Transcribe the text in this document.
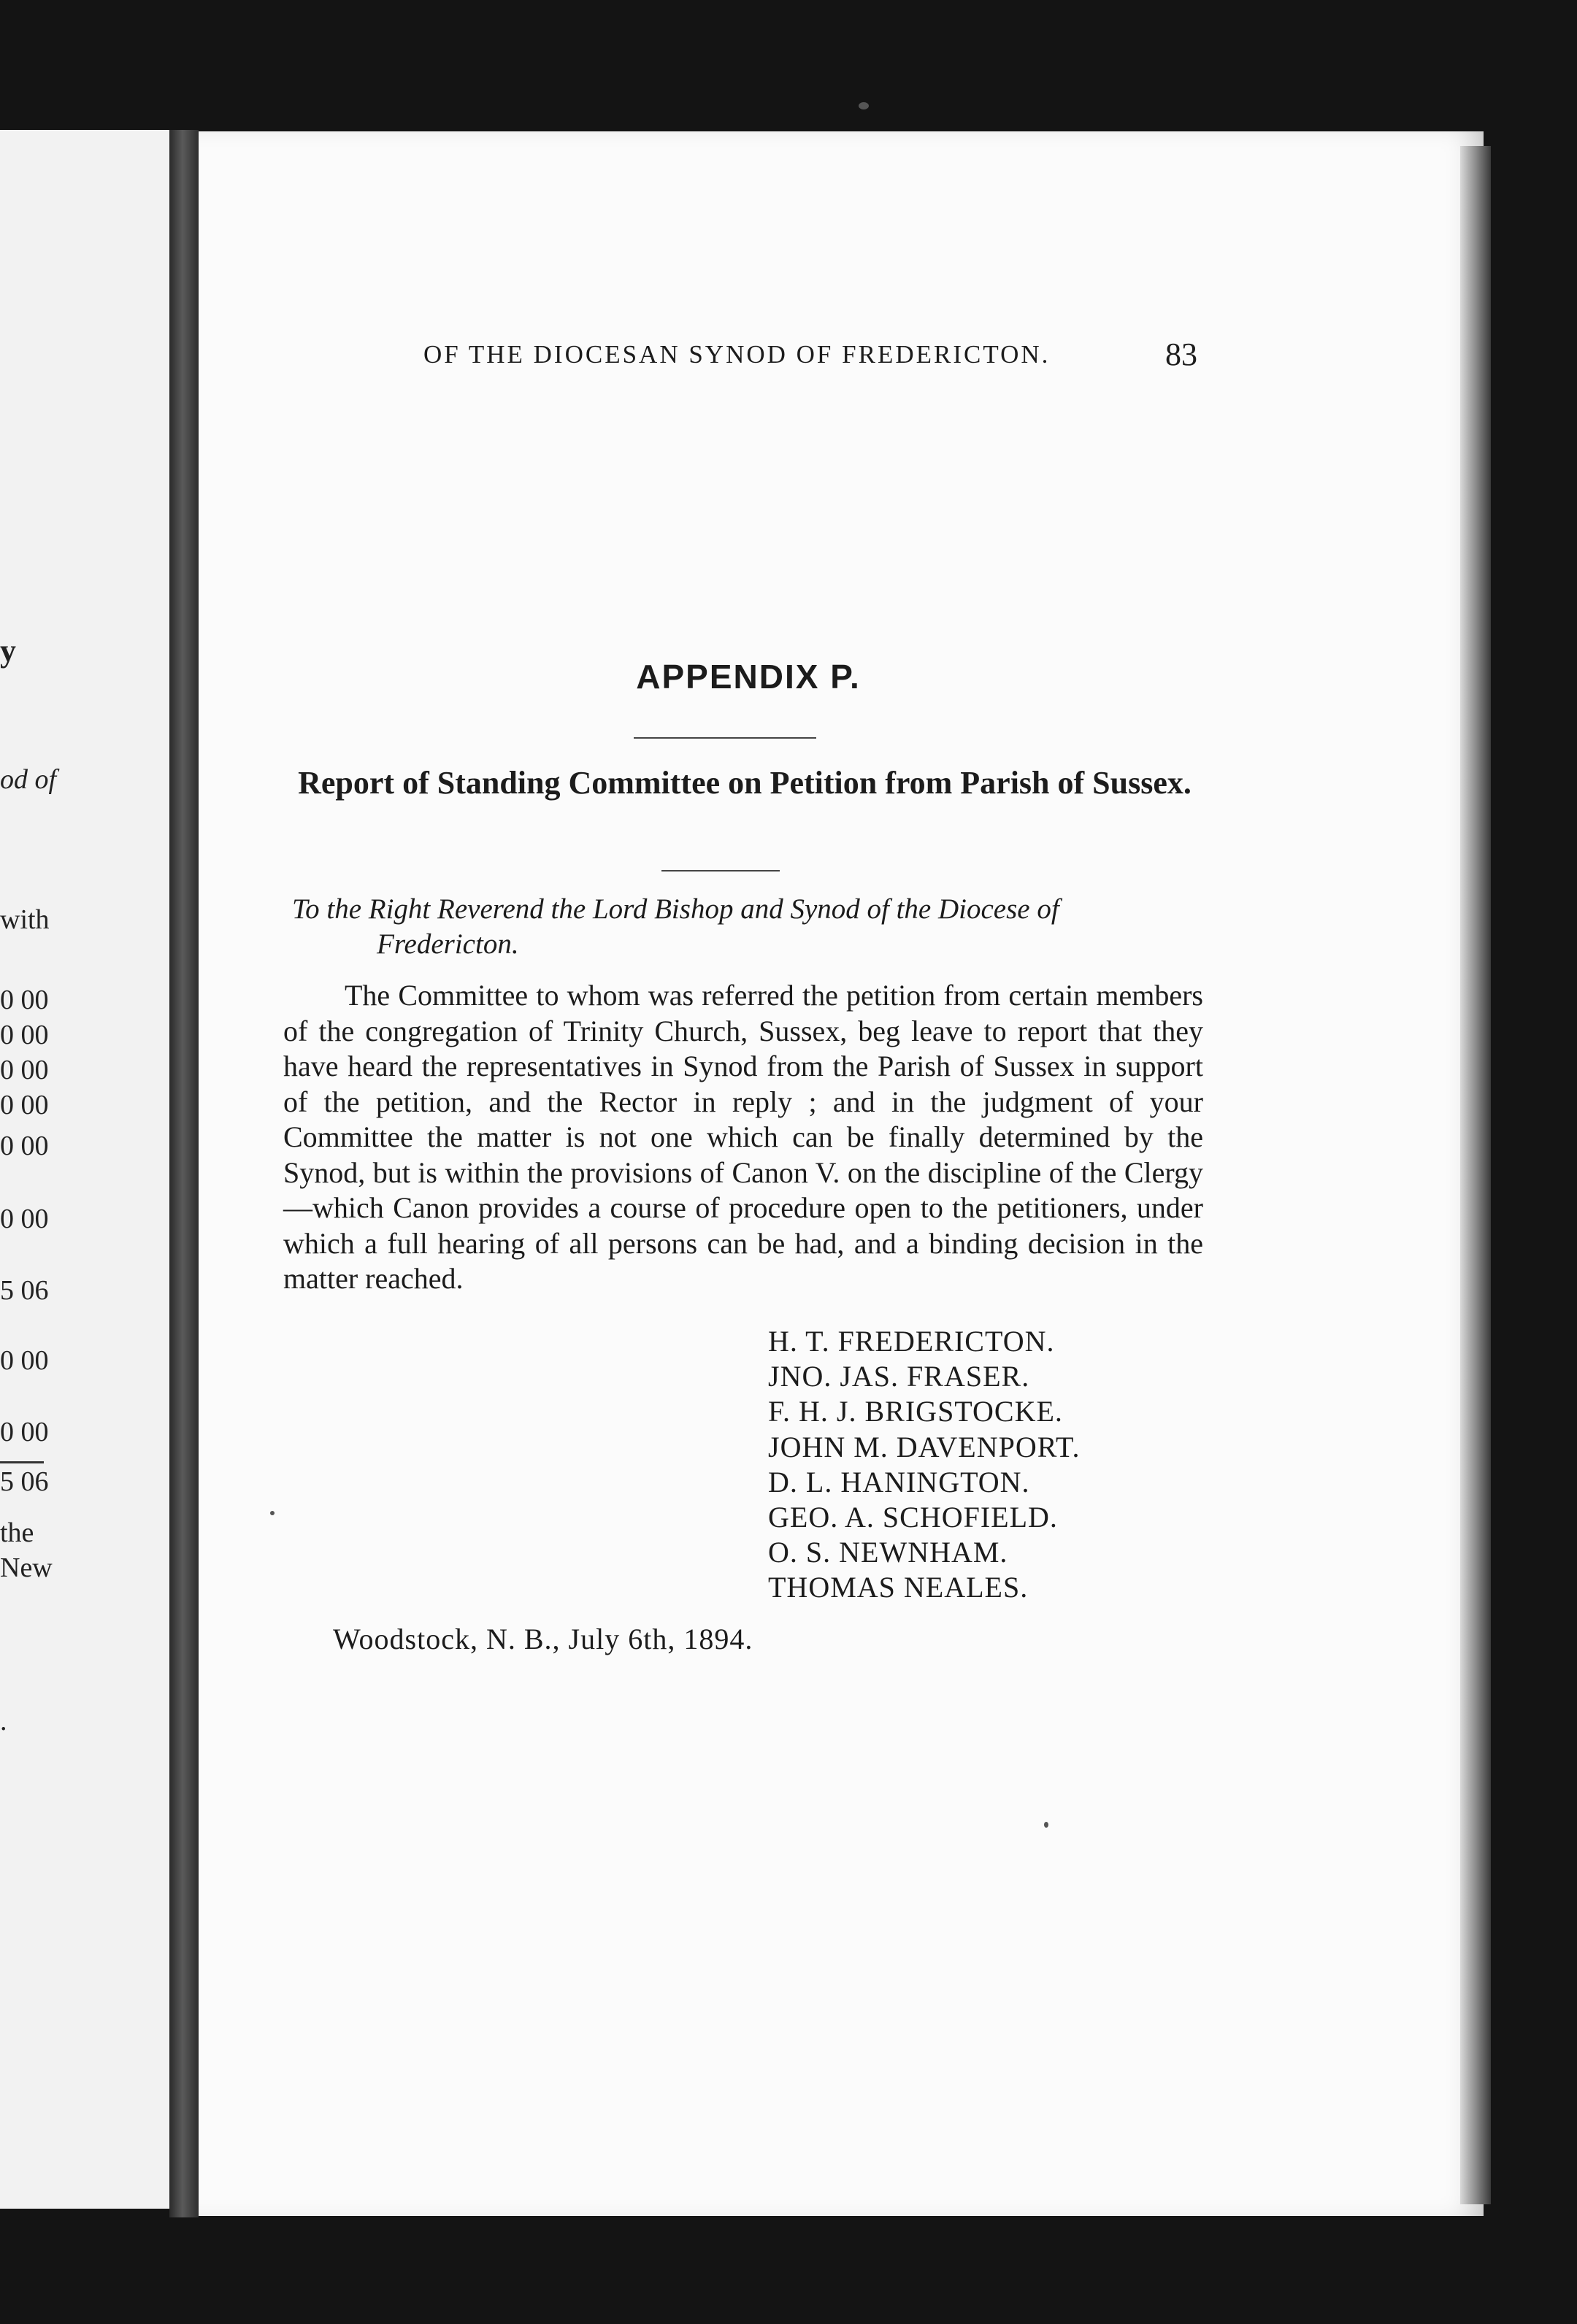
y
od of
with
0 00
0 00
0 00
0 00
0 00
0 00
5 06
0 00
0 00
5 06
the
New
.
OF THE DIOCESAN SYNOD OF FREDERICTON.	83
APPENDIX P.
Report of Standing Committee on Petition from Parish of Sussex.
To the Right Reverend the Lord Bishop and Synod of the Diocese of
Fredericton.
The Committee to whom was referred the petition from certain members of the congregation of Trinity Church, Sussex, beg leave to report that they have heard the representatives in Synod from the Parish of Sussex in support of the petition, and the Rector in reply ; and in the judgment of your Committee the matter is not one which can be finally determined by the Synod, but is within the provisions of Canon V. on the discipline of the Clergy—which Canon provides a course of procedure open to the petitioners, under which a full hearing of all persons can be had, and a binding decision in the matter reached.
H. T. FREDERICTON.
JNO. JAS. FRASER.
F. H. J. BRIGSTOCKE.
JOHN M. DAVENPORT.
D. L. HANINGTON.
GEO. A. SCHOFIELD.
O. S. NEWNHAM.
THOMAS NEALES.
Woodstock, N. B., July 6th, 1894.
